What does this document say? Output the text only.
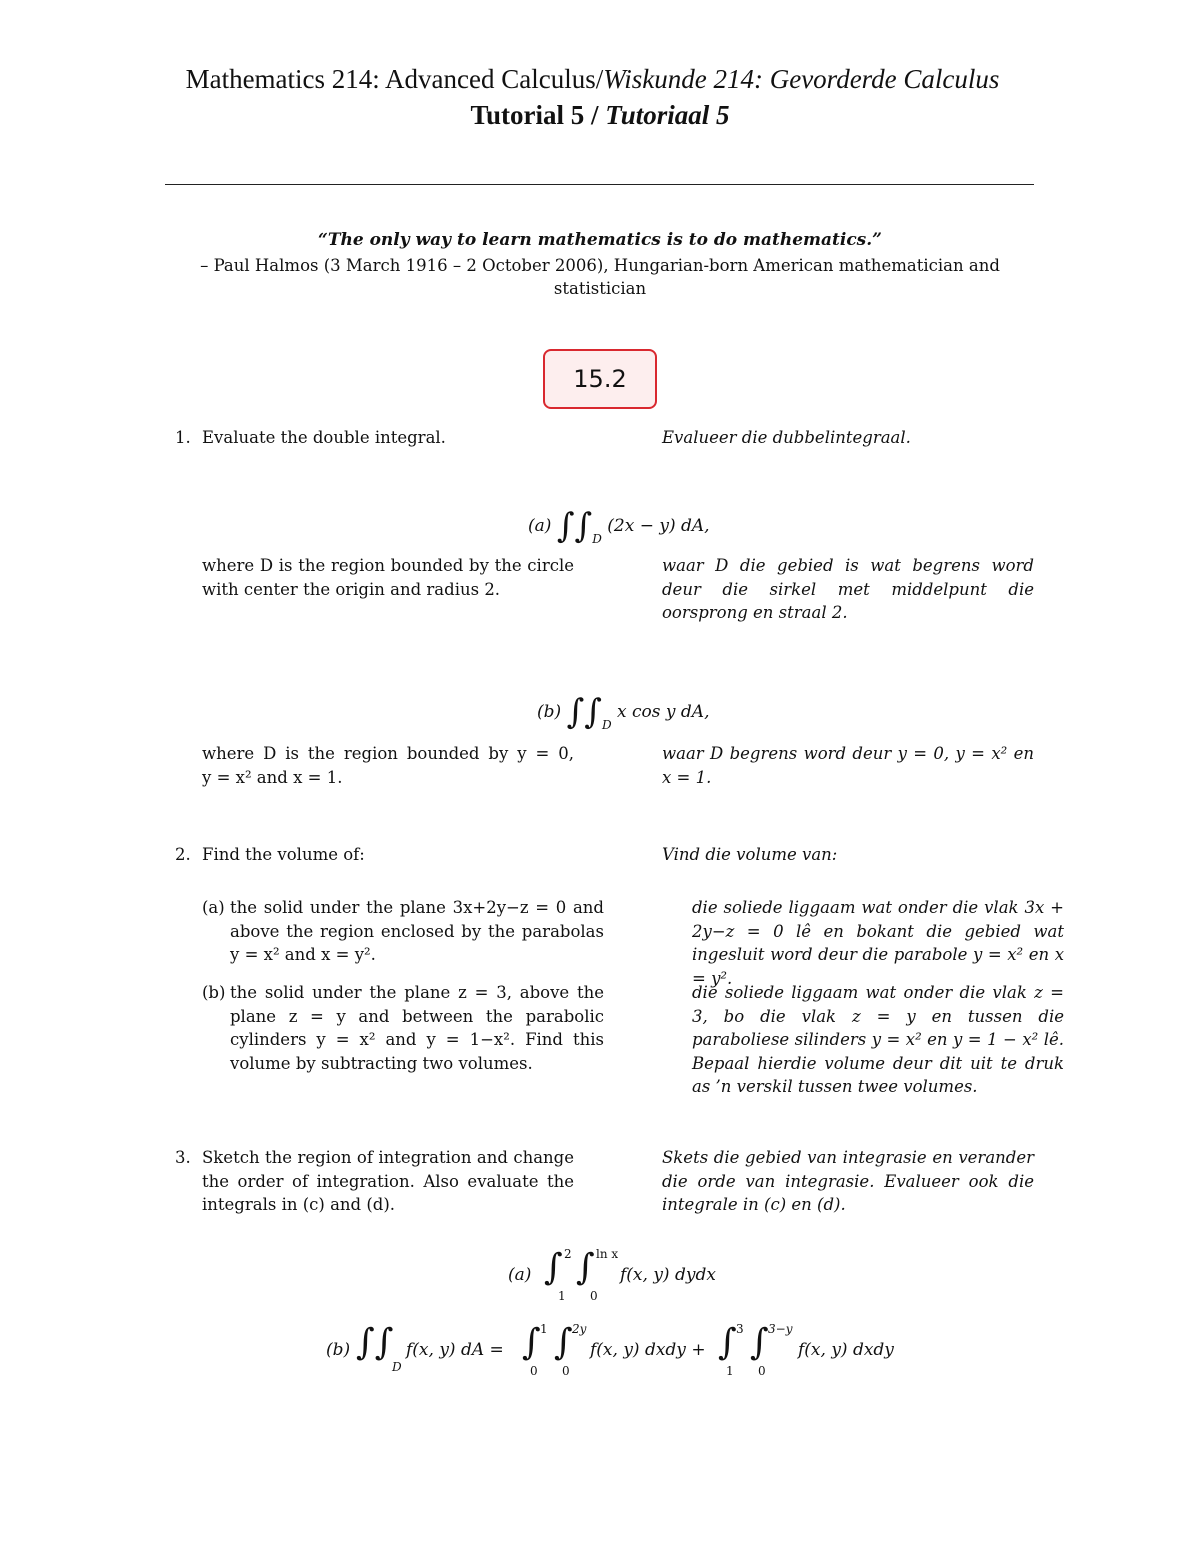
Mathematics 214: Advanced Calculus/Wiskunde 214: Gevorderde Calculus
Tutorial 5 / Tutoriaal 5
“The only way to learn mathematics is to do mathematics.”
– Paul Halmos (3 March 1916 – 2 October 2006), Hungarian-born American mathematician and statistician
15.2
1. Evaluate the double integral.	Evalueer die dubbelintegraal.
(a) $\int\int_D$ (2x − y) dA,
where D is the region bounded by the circle with center the origin and radius 2.
waar D die gebied is wat begrens word deur die sirkel met middelpunt die oorsprong en straal 2.
(b) $\int\int_D$ x cos y dA,
where D is the region bounded by y = 0,
y = x² and x = 1.
waar D begrens word deur y = 0, y = x² en
x = 1.
2. Find the volume of:	Vind die volume van:
(a) the solid under the plane 3x+2y−z = 0 and above the region enclosed by the parabolas y = x² and x = y².
die soliede liggaam wat onder die vlak 3x + 2y−z = 0 lê en bokant die gebied wat ingesluit word deur die parabole y = x² en x = y².
(b) the solid under the plane z = 3, above the plane z = y and between the parabolic cylinders y = x² and y = 1−x². Find this volume by subtracting two volumes.
die soliede liggaam wat onder die vlak z = 3, bo die vlak z = y en tussen die paraboliese silinders y = x² en y = 1 − x² lê. Bepaal hierdie volume deur dit uit te druk as ’n verskil tussen twee volumes.
3. Sketch the region of integration and change the order of integration. Also evaluate the integrals in (c) and (d).
Skets die gebied van integrasie en verander die orde van integrasie. Evalueer ook die integrale in (c) en (d).
(a) ∫ 2
1
∫ ln x
0
f(x, y) dydx
(b) ∫∫
D
f(x, y) dA = ∫ 1
0
∫ 2y
0
f(x, y) dxdy + ∫ 3
1
∫ 3−y
0
f(x, y) dxdy
